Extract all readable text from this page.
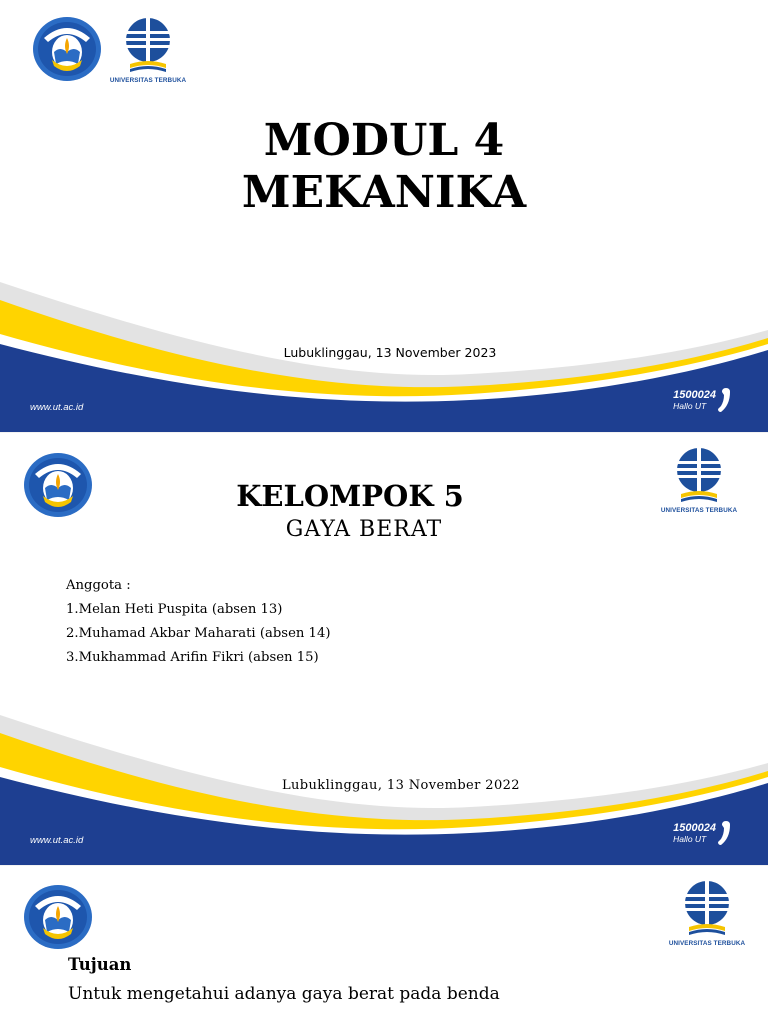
UNIVERSITAS TERBUKA
MODUL 4
MEKANIKA
Lubuklinggau, 13 November 2023
www.ut.ac.id
1500024
Hallo UT
UNIVERSITAS TERBUKA
KELOMPOK 5
GAYA BERAT
Anggota :
1.Melan Heti Puspita (absen 13)
2.Muhamad Akbar Maharati (absen 14)
3.Mukhammad Arifin Fikri (absen 15)
Lubuklinggau, 13 November 2022
www.ut.ac.id
1500024
Hallo UT
UNIVERSITAS TERBUKA
Tujuan
Untuk mengetahui adanya gaya berat pada benda
